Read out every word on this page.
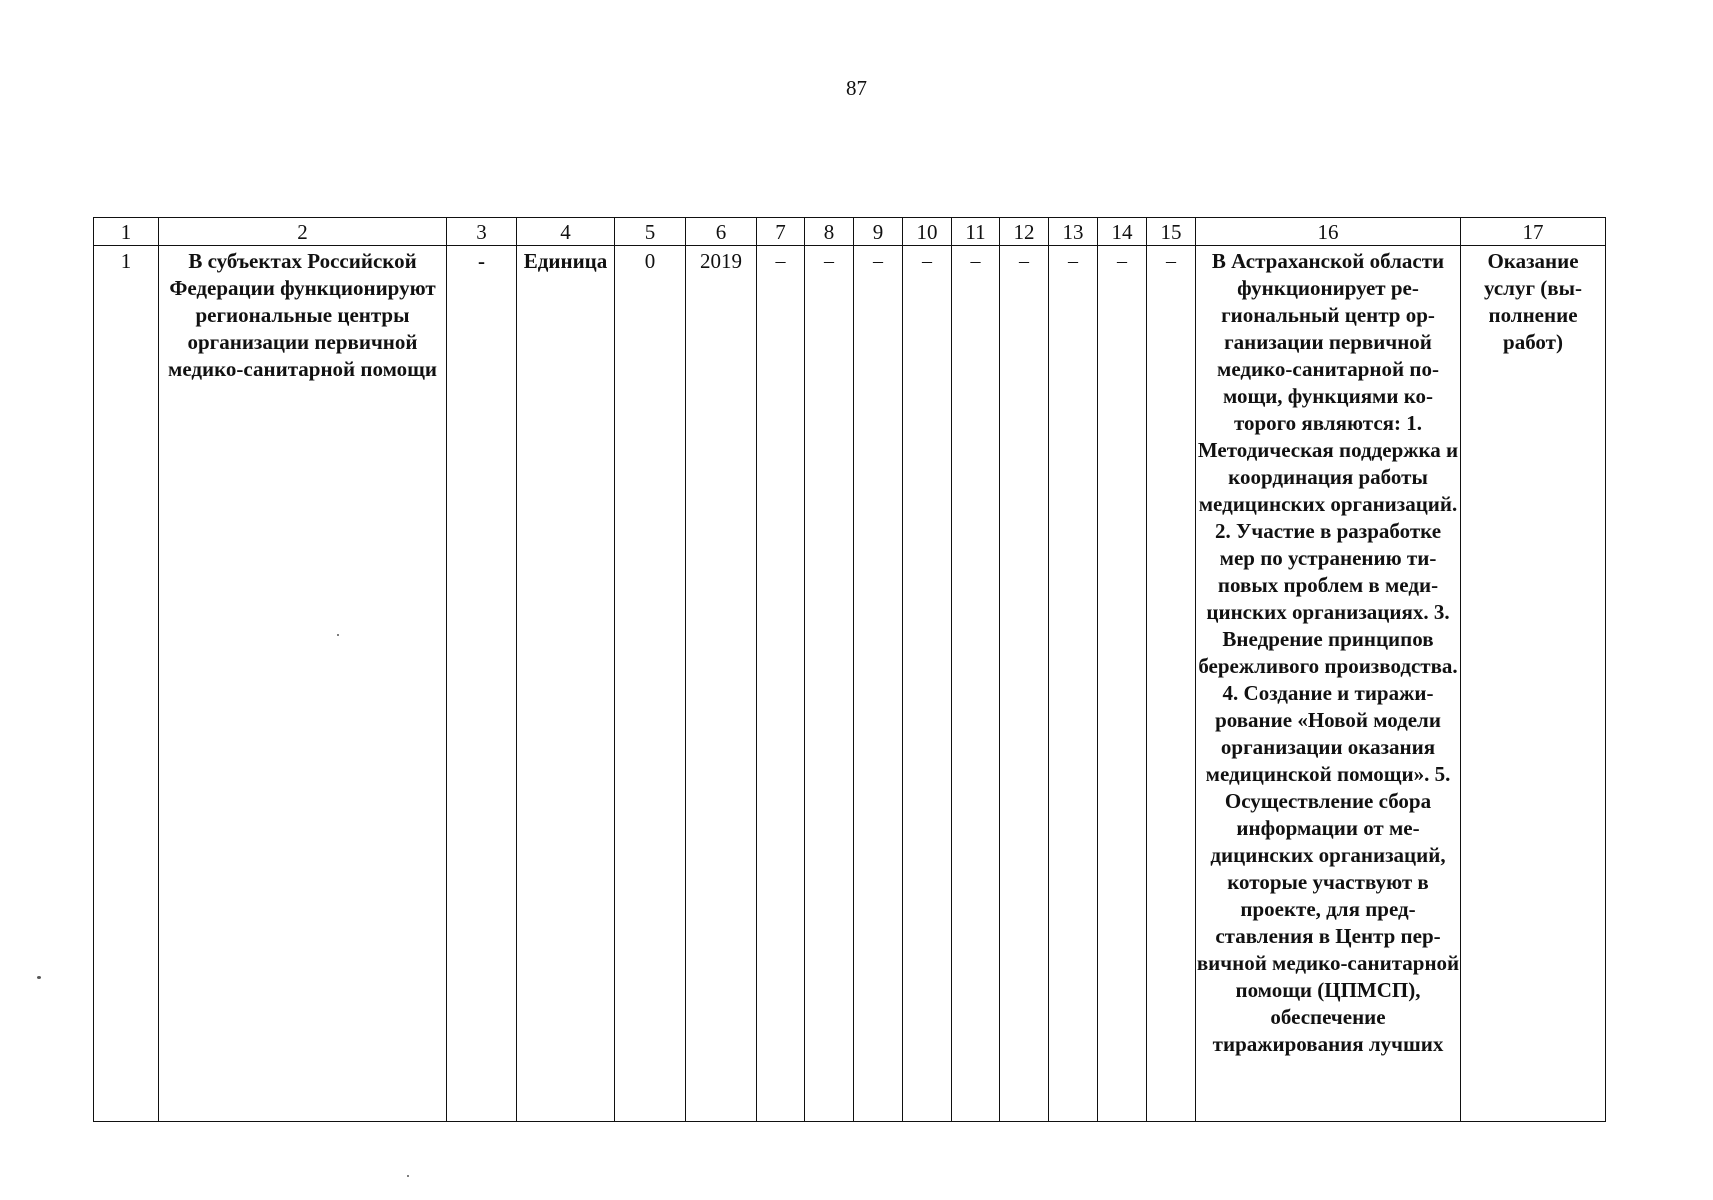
87
1	2	3	4	5	6	7	8	9	10	11	12	13	14	15	16	17
1	В субъектах Российской Федерации функционируют региональные центры организации первичной медико-санитарной помощи	-	Единица	0	2019	–	–	–	–	–	–	–	–	–	В Астраханской области функционирует региональный центр организации первичной медико-санитарной помощи, функциями которого являются: 1. Методическая поддержка и координация работы медицинских организаций. 2. Участие в разработке мер по устранению типовых проблем в медицинских организациях. 3. Внедрение принципов бережливого производства. 4. Создание и тиражирование «Новой модели организации оказания медицинской помощи». 5. Осуществление сбора информации от медицинских организаций, которые участвуют в проекте, для представления в Центр первичной медико-санитарной помощи (ЦПМСП), обеспечение тиражирования лучших	Оказание услуг (выполнение работ)
